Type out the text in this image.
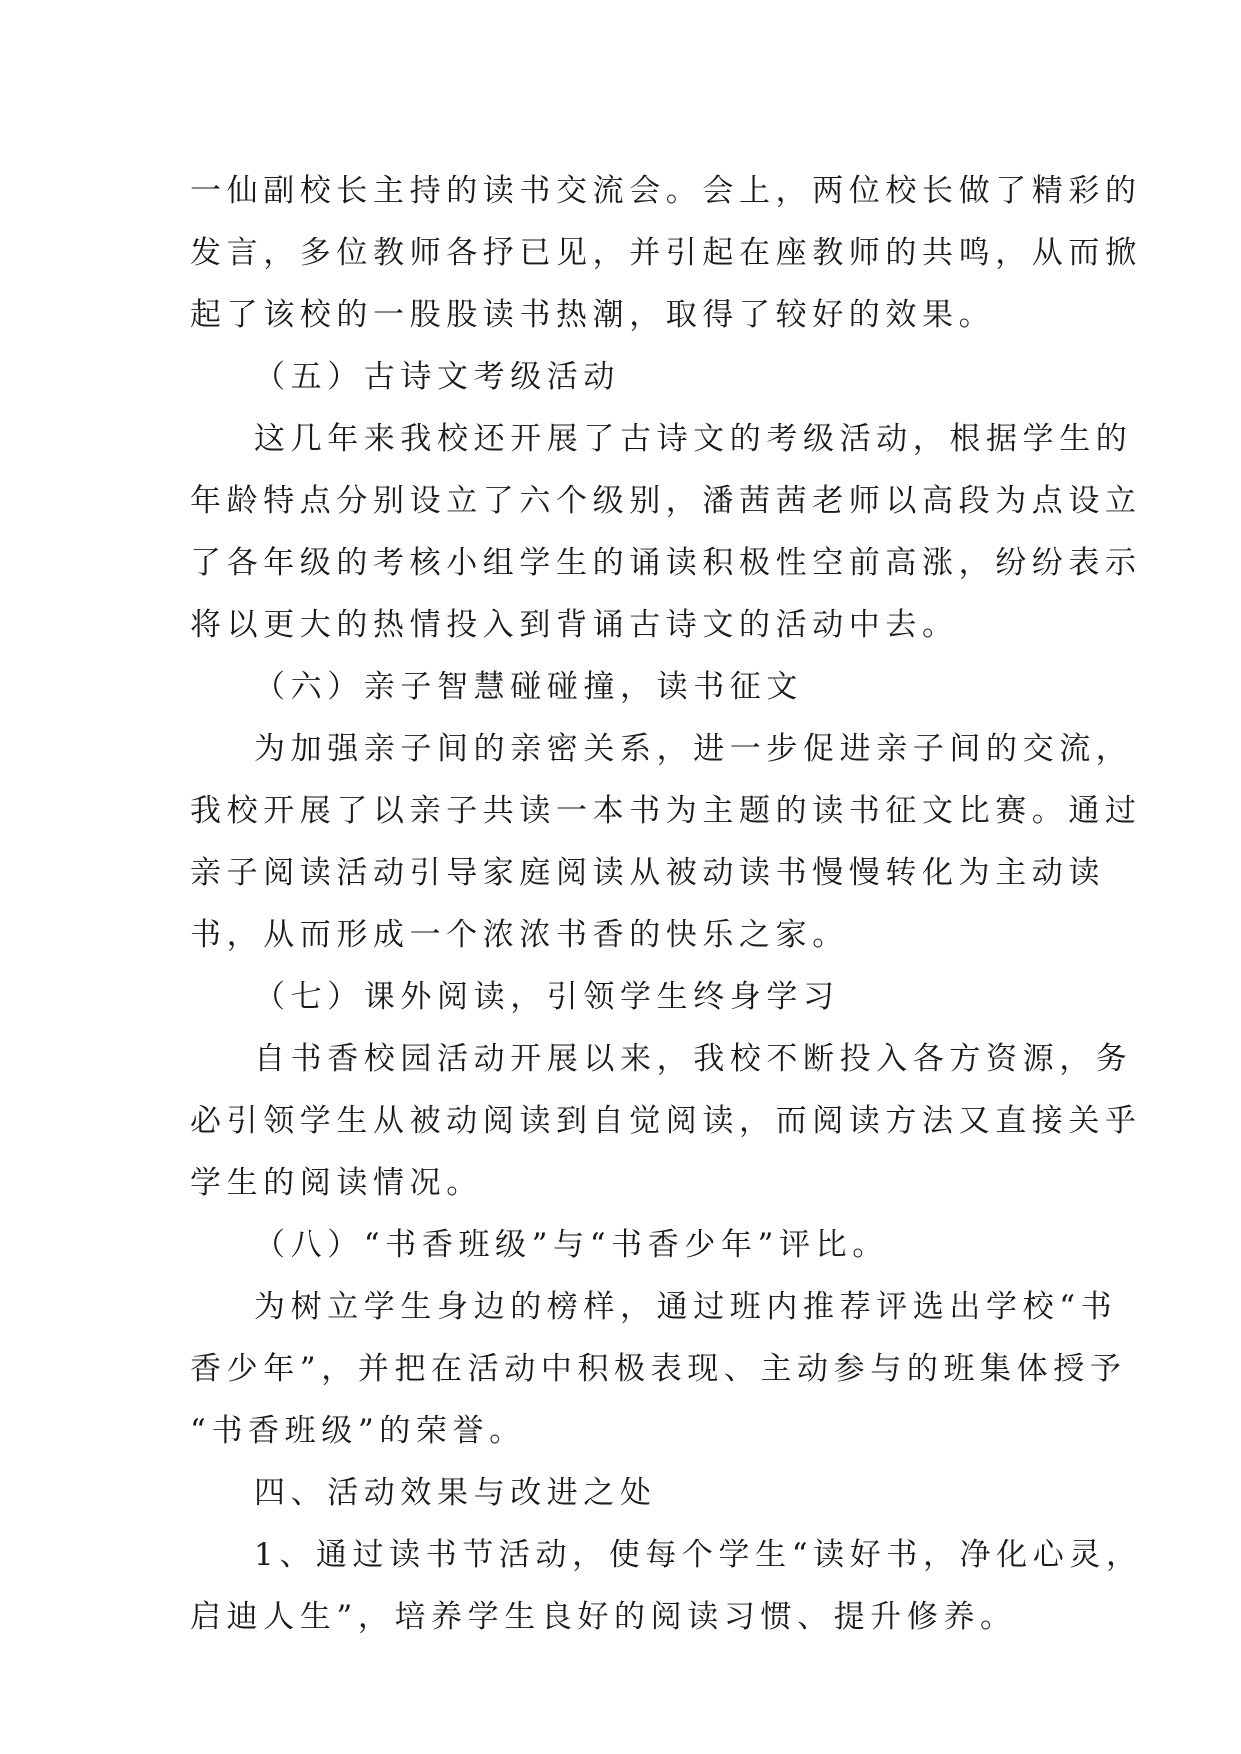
一仙副校长主持的读书交流会。会上，两位校长做了精彩的
发言，多位教师各抒已见，并引起在座教师的共鸣，从而掀
起了该校的一股股读书热潮，取得了较好的效果。
（五）古诗文考级活动
这几年来我校还开展了古诗文的考级活动，根据学生的
年龄特点分别设立了六个级别，潘茜茜老师以高段为点设立
了各年级的考核小组学生的诵读积极性空前高涨，纷纷表示
将以更大的热情投入到背诵古诗文的活动中去。
（六）亲子智慧碰碰撞，读书征文
为加强亲子间的亲密关系，进一步促进亲子间的交流，
我校开展了以亲子共读一本书为主题的读书征文比赛。通过
亲子阅读活动引导家庭阅读从被动读书慢慢转化为主动读
书，从而形成一个浓浓书香的快乐之家。
（七）课外阅读，引领学生终身学习
自书香校园活动开展以来，我校不断投入各方资源，务
必引领学生从被动阅读到自觉阅读，而阅读方法又直接关乎
学生的阅读情况。
（八）“书香班级”与“书香少年”评比。
为树立学生身边的榜样，通过班内推荐评选出学校“书
香少年”，并把在活动中积极表现、主动参与的班集体授予
“书香班级”的荣誉。
四、活动效果与改进之处
1、通过读书节活动，使每个学生“读好书，净化心灵，
启迪人生”，培养学生良好的阅读习惯、提升修养。
